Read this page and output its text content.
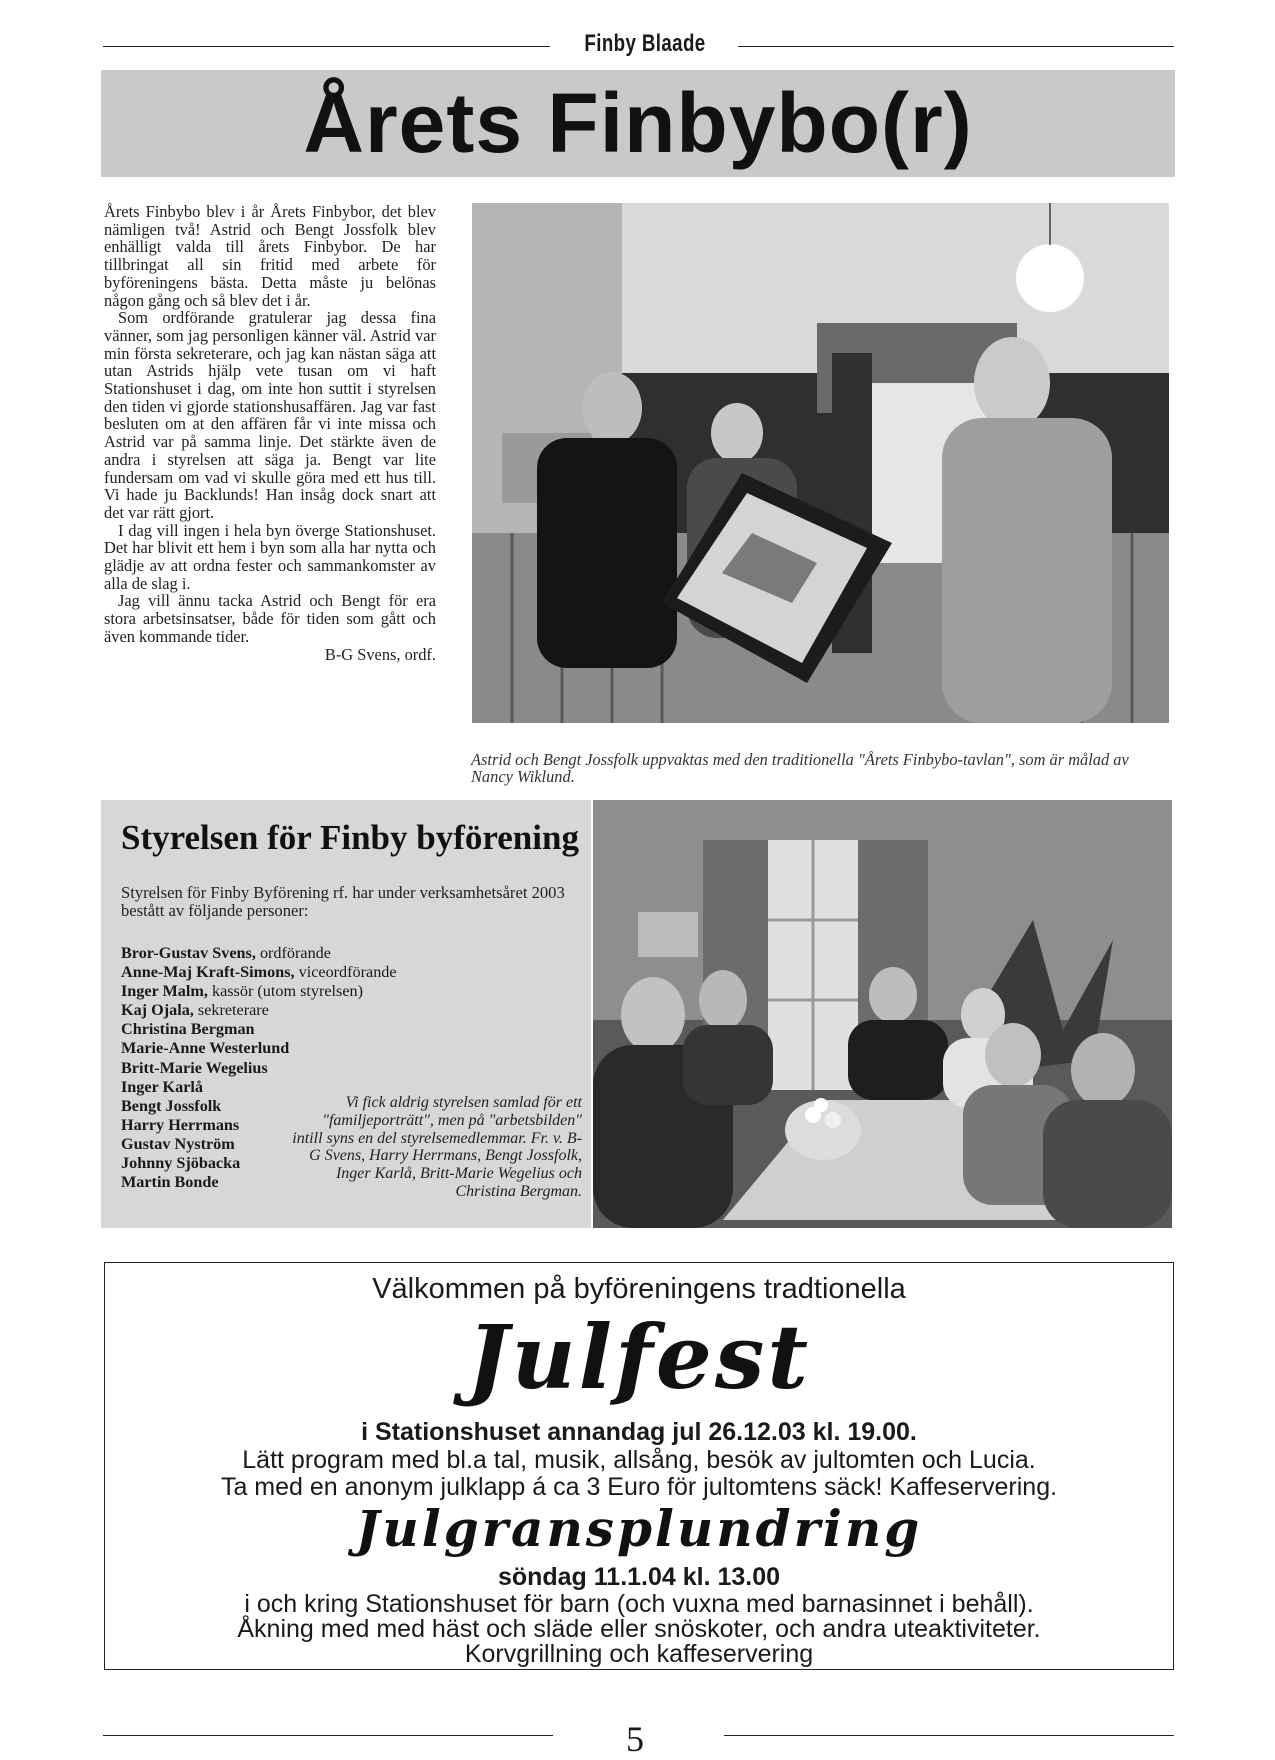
Finby Blaade
Årets Finbybo(r)

Årets Finbybo blev i år Årets Finbybor, det blev nämligen två! Astrid och Bengt Jossfolk blev enhälligt valda till årets Finbybor. De har tillbringat all sin fritid med arbete för byföreningens bästa. Detta måste ju belönas någon gång och så blev det i år.

Som ordförande gratulerar jag dessa fina vänner, som jag personligen känner väl. Astrid var min första sekreterare, och jag kan nästan säga att utan Astrids hjälp vete tusan om vi haft Stationshuset i dag, om inte hon suttit i styrelsen den tiden vi gjorde stationshusaffären. Jag var fast besluten om at den affären får vi inte missa och Astrid var på samma linje. Det stärkte även de andra i styrelsen att säga ja. Bengt var lite fundersam om vad vi skulle göra med ett hus till. Vi hade ju Backlunds! Han insåg dock snart att det var rätt gjort.

I dag vill ingen i hela byn överge Stationshuset. Det har blivit ett hem i byn som alla har nytta och glädje av att ordna fester och sammankomster av alla de slag i.

Jag vill ännu tacka Astrid och Bengt för era stora arbetsinsatser, både för tiden som gått och även kommande tider.

B-G Svens, ordf.

Astrid och Bengt Jossfolk uppvaktas med den traditionella "Årets Finbybo-tavlan", som är målad av Nancy Wiklund.
Styrelsen för Finby byförening
Styrelsen för Finby Byförening rf. har under verksamhetsåret 2003 bestått av följande personer:
Bror-Gustav Svens, ordförande
Anne-Maj Kraft-Simons, viceordförande
Inger Malm, kassör (utom styrelsen)
Kaj Ojala, sekreterare
Christina Bergman
Marie-Anne Westerlund
Britt-Marie Wegelius
Inger Karlå
Bengt Jossfolk
Harry Herrmans
Gustav Nyström
Johnny Sjöbacka
Martin Bonde
Vi fick aldrig styrelsen samlad för ett "familjeporträtt", men på "arbetsbilden" intill syns en del styrelsemedlemmar. Fr. v. B-G Svens, Harry Herrmans, Bengt Jossfolk, Inger Karlå, Britt-Marie Wegelius och Christina Bergman.
Välkommen på byföreningens tradtionella
Julfest
i Stationshuset annandag jul 26.12.03 kl. 19.00.
Lätt program med bl.a tal, musik, allsång, besök av jultomten och Lucia.
Ta med en anonym julklapp á ca 3 Euro för jultomtens säck! Kaffeservering.
Julgransplundring
söndag 11.1.04 kl. 13.00
i och kring Stationshuset för barn (och vuxna med barnasinnet i behåll).
Åkning med med häst och släde eller snöskoter, och andra uteaktiviteter.
Korvgrillning och kaffeservering
5
